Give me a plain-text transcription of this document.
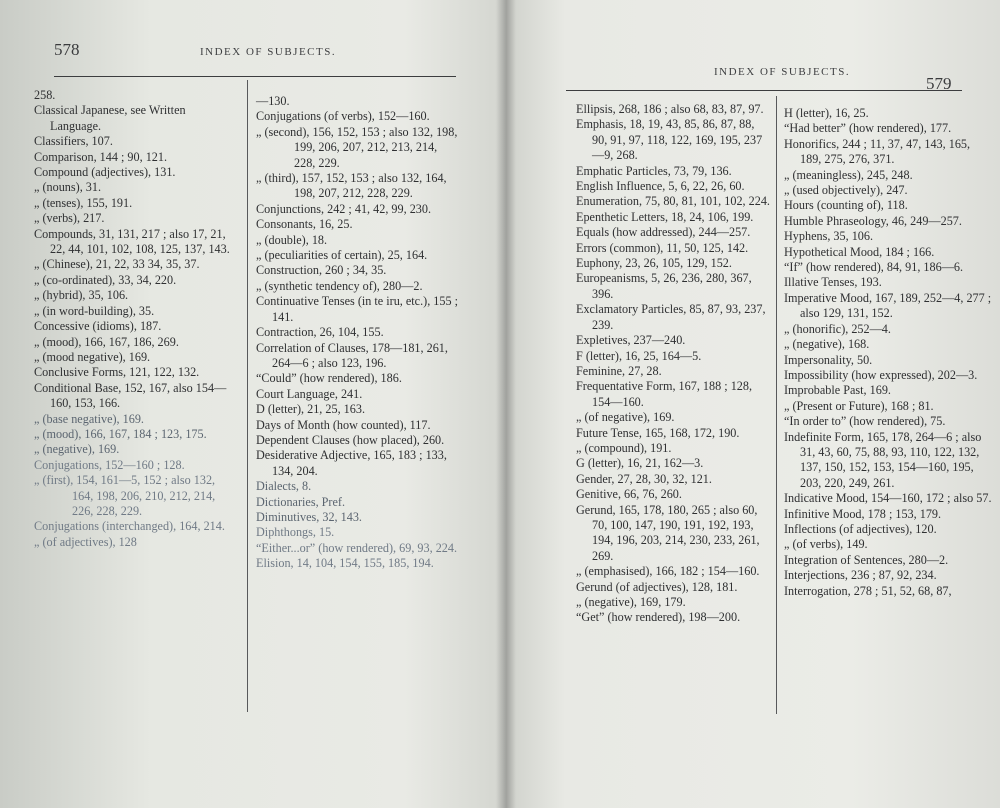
578	INDEX OF SUBJECTS.

258.

Classical Japanese, see Written Language.

Classifiers, 107.

Comparison, 144 ; 90, 121.

Compound (adjectives), 131.

„ (nouns), 31.

„ (tenses), 155, 191.

„ (verbs), 217.

Compounds, 31, 131, 217 ; also 17, 21, 22, 44, 101, 102, 108, 125, 137, 143.

„ (Chinese), 21, 22, 33 34, 35, 37.

„ (co-ordinated), 33, 34, 220.

„ (hybrid), 35, 106.

„ (in word-building), 35.

Concessive (idioms), 187.

„ (mood), 166, 167, 186, 269.

„ (mood negative), 169.

Conclusive Forms, 121, 122, 132.

Conditional Base, 152, 167, also 154—160, 153, 166.

„ (base negative), 169.

„ (mood), 166, 167, 184 ; 123, 175.

„ (negative), 169.

Conjugations, 152—160 ; 128.

„ (first), 154, 161—5, 152 ; also 132, 164, 198, 206, 210, 212, 214, 226, 228, 229.

Conjugations (interchanged), 164, 214.

„ (of adjectives), 128

—130.

Conjugations (of verbs), 152—160.

„ (second), 156, 152, 153 ; also 132, 198, 199, 206, 207, 212, 213, 214, 228, 229.

„ (third), 157, 152, 153 ; also 132, 164, 198, 207, 212, 228, 229.

Conjunctions, 242 ; 41, 42, 99, 230.

Consonants, 16, 25.

„ (double), 18.

„ (peculiarities of certain), 25, 164.

Construction, 260 ; 34, 35.

„ (synthetic tendency of), 280—2.

Continuative Tenses (in te iru, etc.), 155 ; 141.

Contraction, 26, 104, 155.

Correlation of Clauses, 178—181, 261, 264—6 ; also 123, 196.

“Could” (how rendered), 186.

Court Language, 241.

D (letter), 21, 25, 163.

Days of Month (how counted), 117.

Dependent Clauses (how placed), 260.

Desiderative Adjective, 165, 183 ; 133, 134, 204.

Dialects, 8.

Dictionaries, Pref.

Diminutives, 32, 143.

Diphthongs, 15.

“Either...or” (how rendered), 69, 93, 224.

Elision, 14, 104, 154, 155, 185, 194.

INDEX OF SUBJECTS.
579

Ellipsis, 268, 186 ; also 68, 83, 87, 97.

Emphasis, 18, 19, 43, 85, 86, 87, 88, 90, 91, 97, 118, 122, 169, 195, 237—9, 268.

Emphatic Particles, 73, 79, 136.

English Influence, 5, 6, 22, 26, 60.

Enumeration, 75, 80, 81, 101, 102, 224.

Epenthetic Letters, 18, 24, 106, 199.

Equals (how addressed), 244—257.

Errors (common), 11, 50, 125, 142.

Euphony, 23, 26, 105, 129, 152.

Europeanisms, 5, 26, 236, 280, 367, 396.

Exclamatory Particles, 85, 87, 93, 237, 239.

Expletives, 237—240.

F (letter), 16, 25, 164—5.

Feminine, 27, 28.

Frequentative Form, 167, 188 ; 128, 154—160.

„ (of negative), 169.

Future Tense, 165, 168, 172, 190.

„ (compound), 191.

G (letter), 16, 21, 162—3.

Gender, 27, 28, 30, 32, 121.

Genitive, 66, 76, 260.

Gerund, 165, 178, 180, 265 ; also 60, 70, 100, 147, 190, 191, 192, 193, 194, 196, 203, 214, 230, 233, 261, 269.

„ (emphasised), 166, 182 ; 154—160.

Gerund (of adjectives), 128, 181.

„ (negative), 169, 179.

“Get” (how rendered), 198—200.

H (letter), 16, 25.

“Had better” (how rendered), 177.

Honorifics, 244 ; 11, 37, 47, 143, 165, 189, 275, 276, 371.

„ (meaningless), 245, 248.

„ (used objectively), 247.

Hours (counting of), 118.

Humble Phraseology, 46, 249—257.

Hyphens, 35, 106.

Hypothetical Mood, 184 ; 166.

“If” (how rendered), 84, 91, 186—6.

Illative Tenses, 193.

Imperative Mood, 167, 189, 252—4, 277 ; also 129, 131, 152.

„ (honorific), 252—4.

„ (negative), 168.

Impersonality, 50.

Impossibility (how expressed), 202—3.

Improbable Past, 169.

„ (Present or Future), 168 ; 81.

“In order to” (how rendered), 75.

Indefinite Form, 165, 178, 264—6 ; also 31, 43, 60, 75, 88, 93, 110, 122, 132, 137, 150, 152, 153, 154—160, 195, 203, 220, 249, 261.

Indicative Mood, 154—160, 172 ; also 57.

Infinitive Mood, 178 ; 153, 179.

Inflections (of adjectives), 120.

„ (of verbs), 149.

Integration of Sentences, 280—2.

Interjections, 236 ; 87, 92, 234.

Interrogation, 278 ; 51, 52, 68, 87,
